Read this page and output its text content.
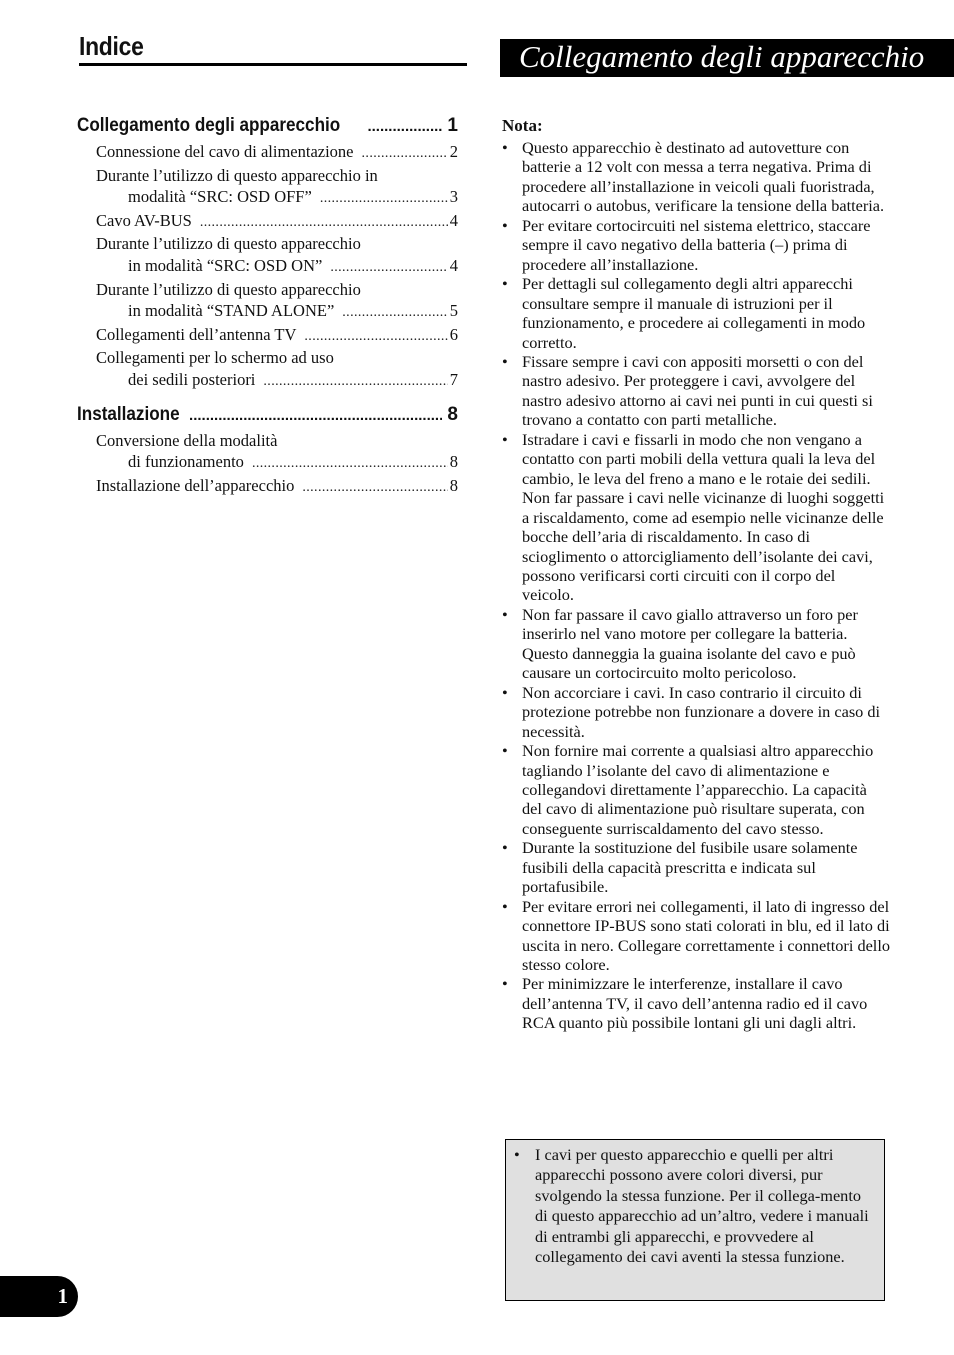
Indice	Collegamento degli apparecchio
Collegamento degli apparecchio .....	1
Connessione del cavo di alimentazione .....	2
Durante l’utilizzo di questo apparecchio in
modalità “SRC: OSD OFF” .....	3
Cavo AV-BUS .....	4
Durante l’utilizzo di questo apparecchio
in modalità “SRC: OSD ON” .....	4
Durante l’utilizzo di questo apparecchio
in modalità “STAND ALONE” .....	5
Collegamenti dell’antenna TV .....	6
Collegamenti per lo schermo ad uso
dei sedili posteriori .....	7
Installazione .....	8
Conversione della modalità
di funzionamento .....	8
Installazione dell’apparecchio .....	8
Nota:
• Questo apparecchio è destinato ad autovetture con batterie a 12 volt con messa a terra negativa. Prima di procedere all’installazione in veicoli quali fuoristrada, autocarri o autobus, verificare la tensione della batteria.
• Per evitare cortocircuiti nel sistema elettrico, staccare sempre il cavo negativo della batteria (–) prima di procedere all’installazione.
• Per dettagli sul collegamento degli altri apparecchi consultare sempre il manuale di istruzioni per il funzionamento, e procedere ai collegamenti in modo corretto.
• Fissare sempre i cavi con appositi morsetti o con del nastro adesivo. Per proteggere i cavi, avvolgere del nastro adesivo attorno ai cavi nei punti in cui questi si trovano a contatto con parti metalliche.
• Istradare i cavi e fissarli in modo che non vengano a contatto con parti mobili della vettura quali la leva del cambio, le leva del freno a mano e le rotaie dei sedili. Non far passare i cavi nelle vicinanze di luoghi soggetti a riscaldamento, come ad esempio nelle vicinanze delle bocche dell’aria di riscaldamento. In caso di scioglimento o attorcigliamento dell’isolante dei cavi, possono verificarsi corti circuiti con il corpo del veicolo.
• Non far passare il cavo giallo attraverso un foro per inserirlo nel vano motore per collegare la batteria. Questo danneggia la guaina isolante del cavo e può causare un cortocircuito molto pericoloso.
• Non accorciare i cavi. In caso contrario il circuito di protezione potrebbe non funzionare a dovere in caso di necessità.
• Non fornire mai corrente a qualsiasi altro apparecchio tagliando l’isolante del cavo di alimentazione e collegandovi direttamente l’apparecchio. La capacità del cavo di alimentazione può risultare superata, con conseguente surriscaldamento del cavo stesso.
• Durante la sostituzione del fusibile usare solamente fusibili della capacità prescritta e indicata sul portafusibile.
• Per evitare errori nei collegamenti, il lato di ingresso del connettore IP-BUS sono stati colorati in blu, ed il lato di uscita in nero. Collegare correttamente i connettori dello stesso colore.
• Per minimizzare le interferenze, installare il cavo dell’antenna TV, il cavo dell’antenna radio ed il cavo RCA quanto più possibile lontani gli uni dagli altri.
• I cavi per questo apparecchio e quelli per altri apparecchi possono avere colori diversi, pur svolgendo la stessa funzione. Per il collega-mento di questo apparecchio ad un’altro, vedere i manuali di entrambi gli apparecchi, e provvedere al collegamento dei cavi aventi la stessa funzione.
1
